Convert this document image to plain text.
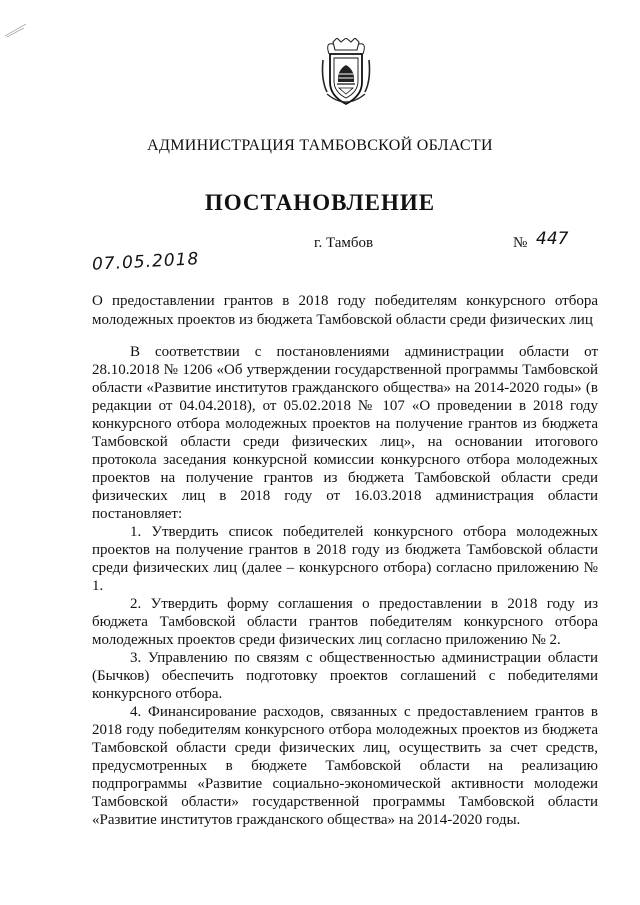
АДМИНИСТРАЦИЯ ТАМБОВСКОЙ ОБЛАСТИ
ПОСТАНОВЛЕНИЕ
07.05.2018
г. Тамбов	№ 447
О предоставлении грантов в 2018 году победителям конкурсного отбора молодежных проектов из бюджета Тамбовской области среди физических лиц

В соответствии с постановлениями администрации области от 28.10.2018 № 1206 «Об утверждении государственной программы Тамбовской области «Развитие институтов гражданского общества» на 2014-2020 годы» (в редакции от 04.04.2018), от 05.02.2018 № 107 «О проведении в 2018 году конкурсного отбора молодежных проектов на получение грантов из бюджета Тамбовской области среди физических лиц», на основании итогового протокола заседания конкурсной комиссии конкурсного отбора молодежных проектов на получение грантов из бюджета Тамбовской области среди физических лиц в 2018 году от 16.03.2018 администрация области постановляет:

1. Утвердить список победителей конкурсного отбора молодежных проектов на получение грантов в 2018 году из бюджета Тамбовской области среди физических лиц (далее – конкурсного отбора) согласно приложению № 1.

2. Утвердить форму соглашения о предоставлении в 2018 году из бюджета Тамбовской области грантов победителям конкурсного отбора молодежных проектов среди физических лиц согласно приложению № 2.

3. Управлению по связям с общественностью администрации области (Бычков) обеспечить подготовку проектов соглашений с победителями конкурсного отбора.

4. Финансирование расходов, связанных с предоставлением грантов в 2018 году победителям конкурсного отбора молодежных проектов из бюджета Тамбовской области среди физических лиц, осуществить за счет средств, предусмотренных в бюджете Тамбовской области на реализацию подпрограммы «Развитие социально-экономической активности молодежи Тамбовской области» государственной программы Тамбовской области «Развитие институтов гражданского общества» на 2014-2020 годы.
